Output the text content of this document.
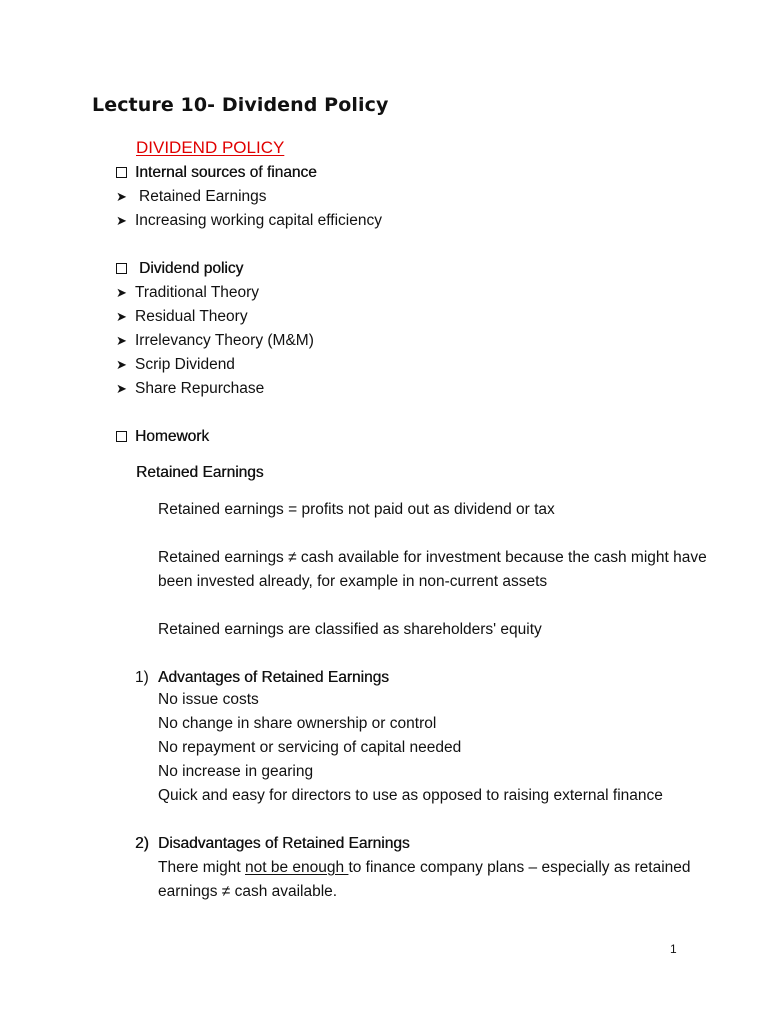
Lecture 10- Dividend Policy
DIVIDEND POLICY
Internal sources of finance
➤ Retained Earnings
➤ Increasing working capital efficiency
Dividend policy
➤ Traditional Theory
➤ Residual Theory
➤ Irrelevancy Theory (M&M)
➤ Scrip Dividend
➤ Share Repurchase
Homework
Retained Earnings
Retained earnings = profits not paid out as dividend or tax
Retained earnings ≠ cash available for investment because the cash might have
been invested already, for example in non-current assets
Retained earnings are classified as shareholders' equity
1) Advantages of Retained Earnings
No issue costs
No change in share ownership or control
No repayment or servicing of capital needed
No increase in gearing
Quick and easy for directors to use as opposed to raising external finance
2) Disadvantages of Retained Earnings
There might not be enough to finance company plans – especially as retained
earnings ≠ cash available.
1
